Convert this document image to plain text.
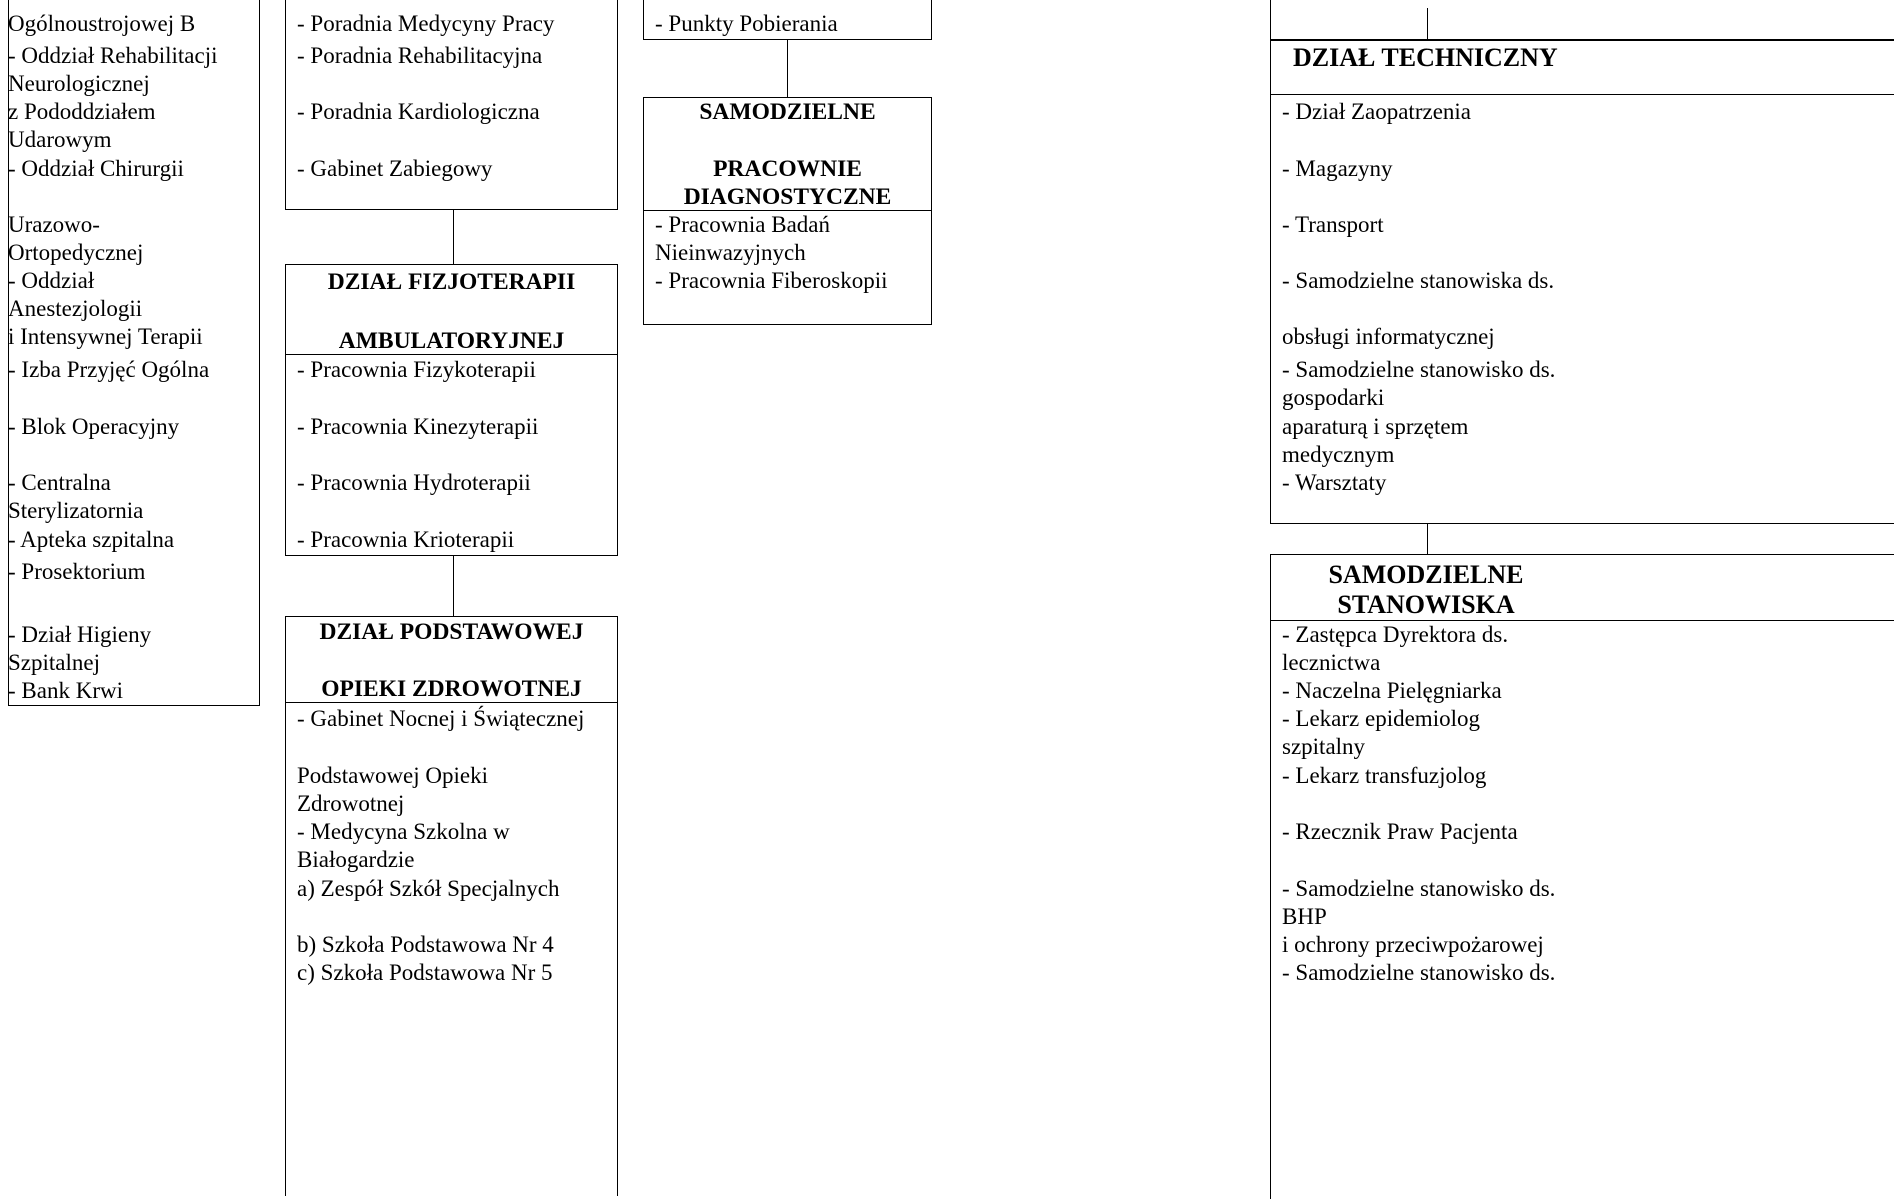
Ogólnoustrojowej B
- Oddział Rehabilitacji
Neurologicznej
z Pododdziałem
Udarowym
- Oddział Chirurgii
Urazowo-
Ortopedycznej
- Oddział
Anestezjologii
i Intensywnej Terapii
- Izba Przyjęć Ogólna
- Blok Operacyjny
- Centralna
Sterylizatornia
- Apteka szpitalna
- Prosektorium
- Dział Higieny
Szpitalnej
- Bank Krwi
- Poradnia Medycyny Pracy
- Poradnia Rehabilitacyjna
- Poradnia Kardiologiczna
- Gabinet Zabiegowy
DZIAŁ FIZJOTERAPII
AMBULATORYJNEJ
- Pracownia Fizykoterapii
- Pracownia Kinezyterapii
- Pracownia Hydroterapii
- Pracownia Krioterapii
DZIAŁ PODSTAWOWEJ
OPIEKI ZDROWOTNEJ
- Gabinet Nocnej i Świątecznej
Podstawowej Opieki
Zdrowotnej
- Medycyna Szkolna w
Białogardzie
a) Zespół Szkół Specjalnych
b) Szkoła Podstawowa Nr 4
c) Szkoła Podstawowa Nr 5
- Punkty Pobierania
SAMODZIELNE
PRACOWNIE
DIAGNOSTYCZNE
- Pracownia Badań
Nieinwazyjnych
- Pracownia Fiberoskopii
DZIAŁ TECHNICZNY
- Dział Zaopatrzenia
- Magazyny
- Transport
- Samodzielne stanowiska ds.
obsługi informatycznej
- Samodzielne stanowisko ds.
gospodarki
aparaturą i sprzętem
medycznym
- Warsztaty
SAMODZIELNE
STANOWISKA
- Zastępca Dyrektora ds.
lecznictwa
- Naczelna Pielęgniarka
- Lekarz epidemiolog
szpitalny
- Lekarz transfuzjolog
- Rzecznik Praw Pacjenta
- Samodzielne stanowisko ds.
BHP
i ochrony przeciwpożarowej
- Samodzielne stanowisko ds.
